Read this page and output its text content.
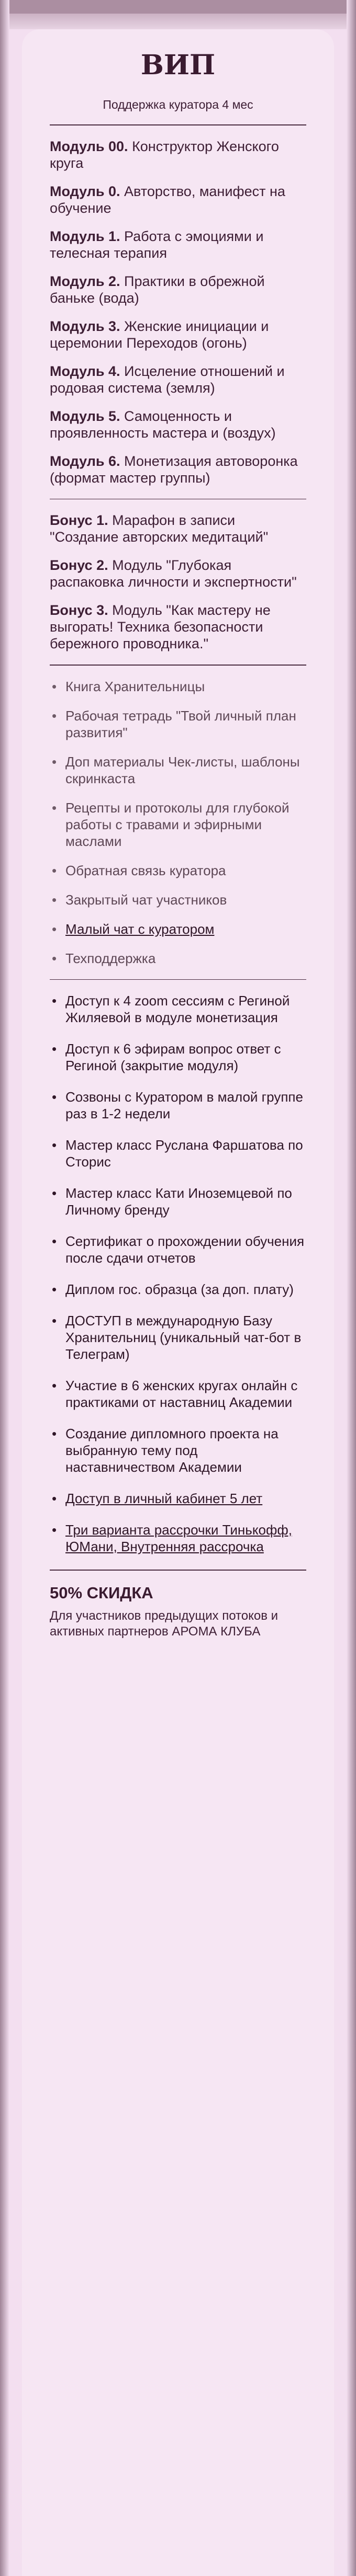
ВИП
Поддержка куратора 4 мес
Модуль 00. Конструктор Женского круга
Модуль 0. Авторство, манифест на обучение
Модуль 1. Работа с эмоциями и телесная терапия
Модуль 2. Практики в обрежной баньке (вода)
Модуль 3. Женские инициации и церемонии Переходов (огонь)
Модуль 4. Исцеление отношений и родовая система (земля)
Модуль 5. Самоценность и проявленность мастера и (воздух)
Модуль 6. Монетизация автоворонка (формат мастер группы)
Бонус 1. Марафон в записи "Создание авторских медитаций"
Бонус 2. Модуль "Глубокая распаковка личности и экспертности"
Бонус 3. Модуль "Как мастеру не выгорать! Техника безопасности бережного проводника."
• Книга Хранительницы
• Рабочая тетрадь "Твой личный план развития"
• Доп материалы Чек-листы, шаблоны скринкаста
• Рецепты и протоколы для глубокой работы с травами и эфирными маслами
• Обратная связь куратора
• Закрытый чат участников
• Малый чат с куратором
• Техподдержка
• Доступ к 4 zoom сессиям с Региной Жиляевой в модуле монетизация
• Доступ к 6 эфирам вопрос ответ с Региной (закрытие модуля)
• Созвоны с Куратором в малой группе раз в 1-2 недели
• Мастер класс Руслана Фаршатова по Сторис
• Мастер класс Кати Иноземцевой по Личному бренду
• Сертификат о прохождении обучения после сдачи отчетов
• Диплом гос. образца (за доп. плату)
• ДОСТУП в международную Базу Хранительниц (уникальный чат-бот в Телеграм)
• Участие в 6 женских кругах онлайн с практиками от наставниц Академии
• Создание дипломного проекта на выбранную тему под наставничеством Академии
• Доступ в личный кабинет 5 лет
• Три варианта рассрочки Тинькофф, ЮМани, Внутренняя рассрочка
50% СКИДКА
Для участников предыдущих потоков и активных партнеров АРОМА КЛУБА
